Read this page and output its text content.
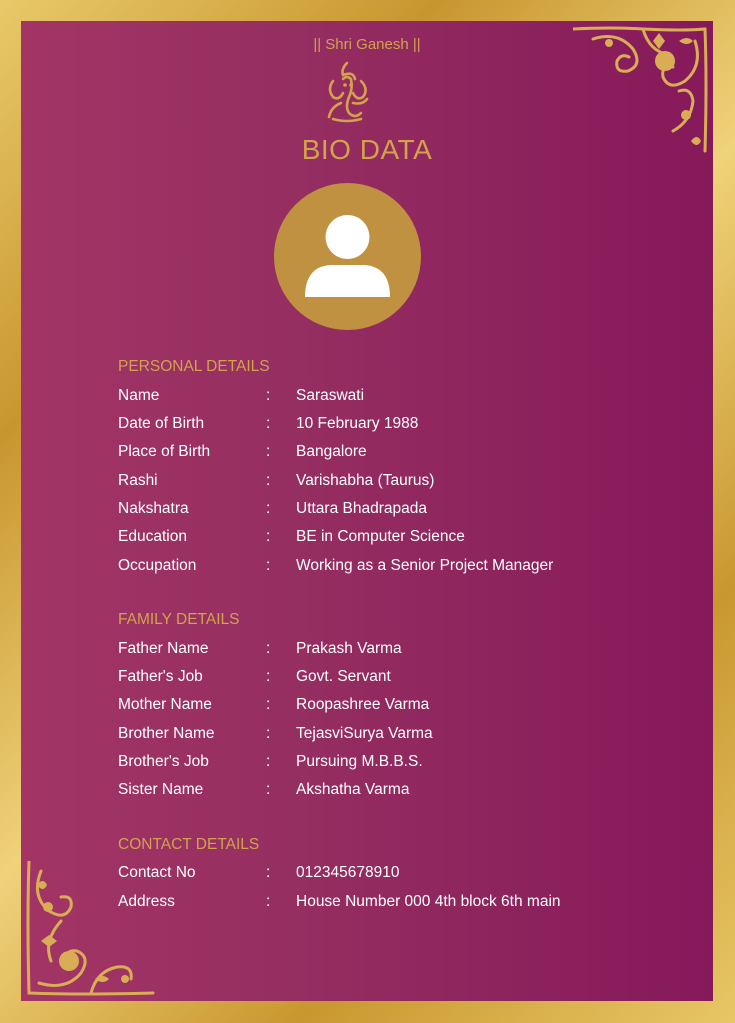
|| Shri Ganesh ||
BIO DATA
PERSONAL DETAILS
Name	: Saraswati
Date of Birth	: 10 February 1988
Place of Birth	: Bangalore
Rashi	: Varishabha (Taurus)
Nakshatra	: Uttara Bhadrapada
Education	: BE in Computer Science
Occupation	: Working as a Senior Project Manager
FAMILY DETAILS
Father Name	: Prakash Varma
Father's Job	: Govt. Servant
Mother Name	: Roopashree Varma
Brother Name	: TejasviSurya Varma
Brother's Job	: Pursuing M.B.B.S.
Sister Name	: Akshatha Varma
CONTACT DETAILS
Contact No	: 012345678910
Address	: House Number 000 4th block 6th main
